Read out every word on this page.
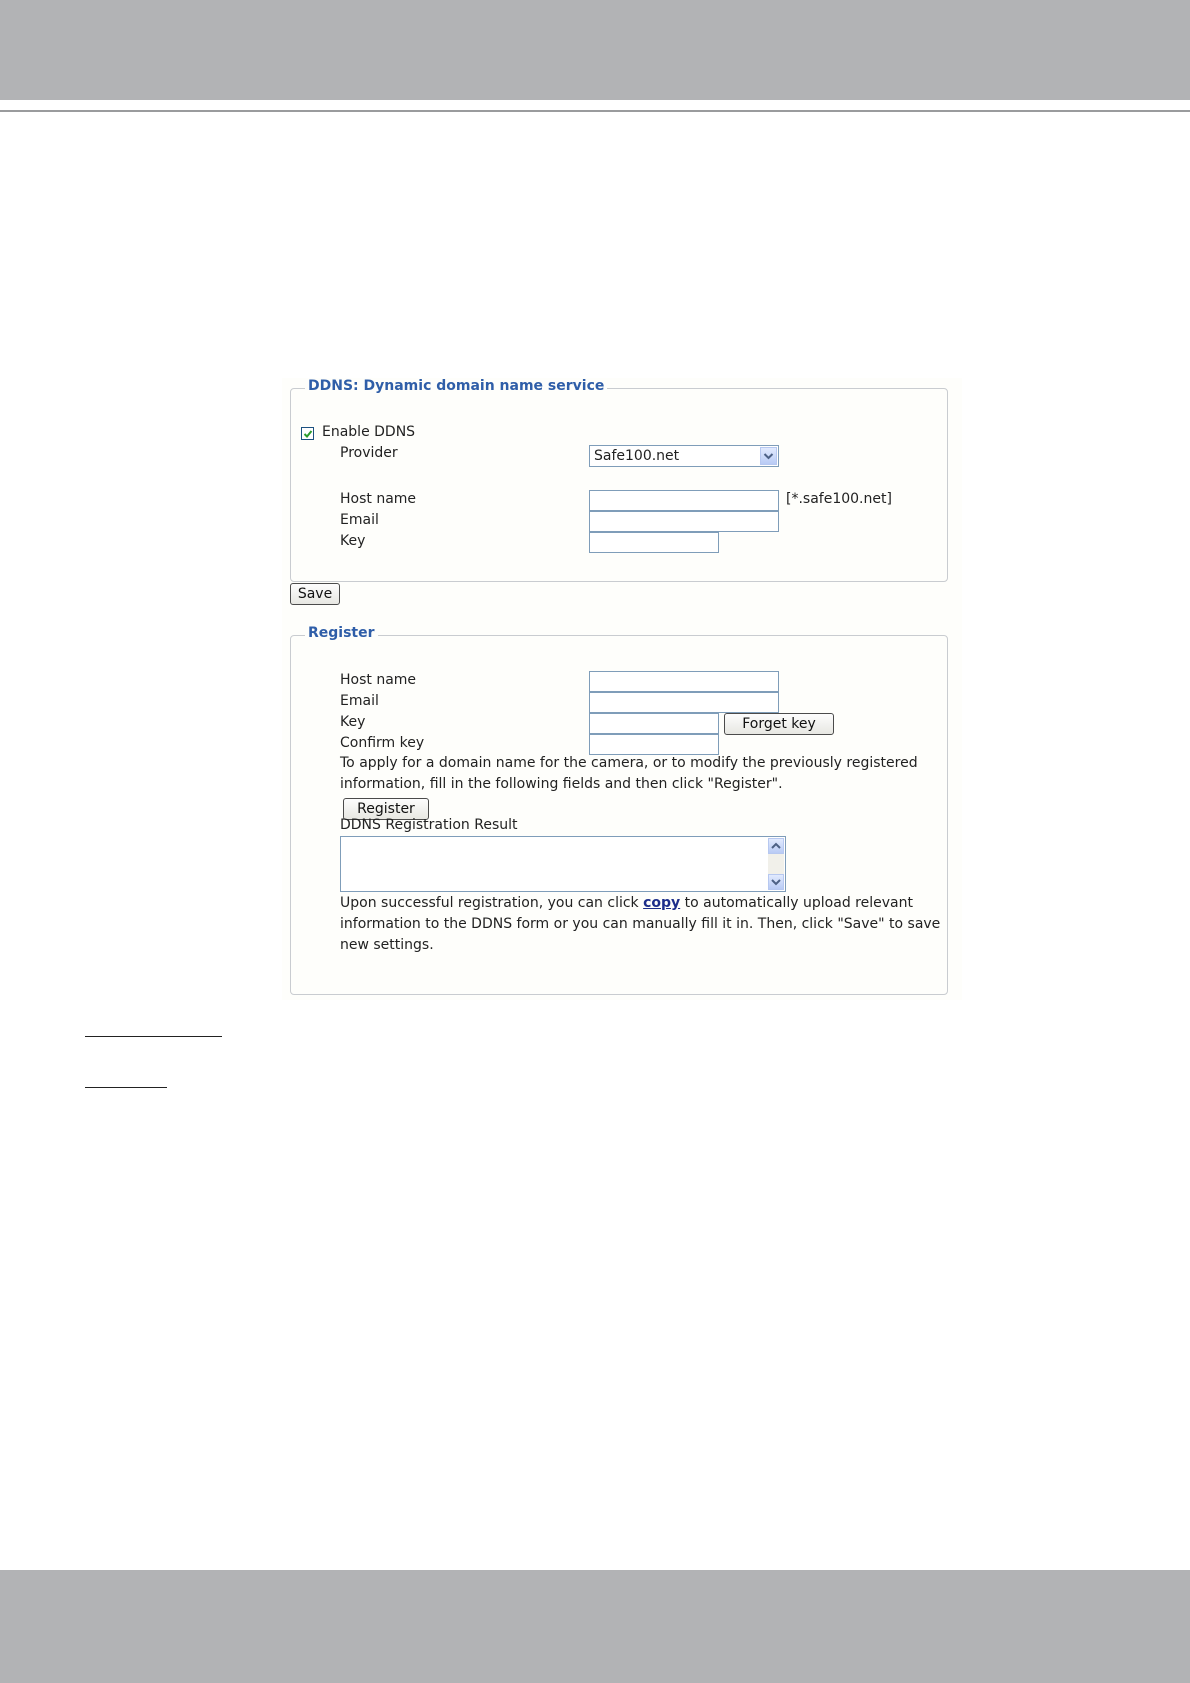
DDNS: Dynamic domain name service
Enable DDNS
Provider	Safe100.net
Host name	[*.safe100.net]
Email
Key
Save
Register
Host name
Email
Key	Forget key
Confirm key
To apply for a domain name for the camera, or to modify the previously registered information, fill in the following fields and then click "Register".
Register
DDNS Registration Result
Upon successful registration, you can click copy to automatically upload relevant information to the DDNS form or you can manually fill it in. Then, click "Save" to save new settings.
